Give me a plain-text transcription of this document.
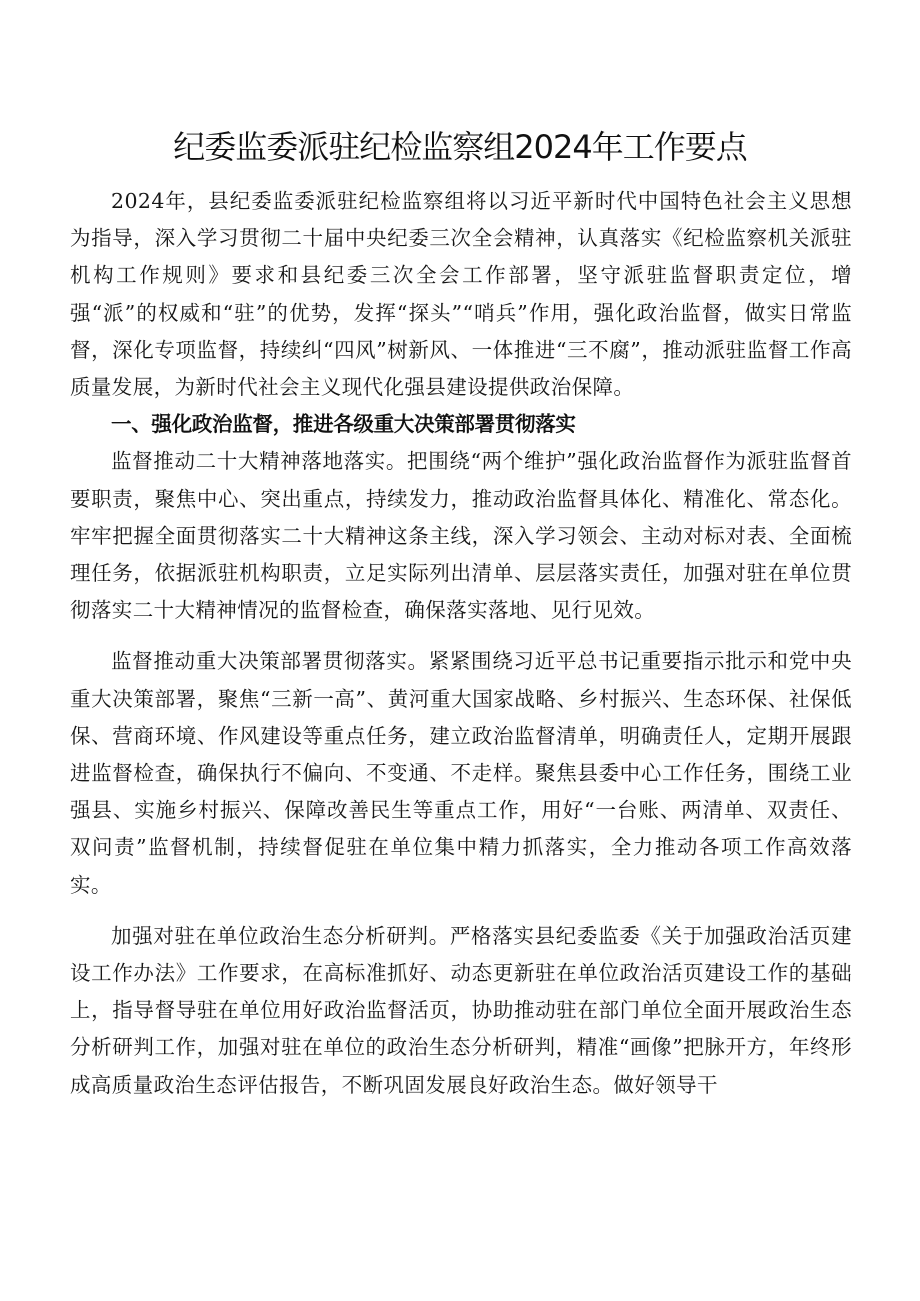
纪委监委派驻纪检监察组2024年工作要点

2024年，县纪委监委派驻纪检监察组将以习近平新时代中国特色社会主义思想为指导，深入学习贯彻二十届中央纪委三次全会精神，认真落实《纪检监察机关派驻机构工作规则》要求和县纪委三次全会工作部署，坚守派驻监督职责定位，增强“派”的权威和“驻”的优势，发挥“探头”“哨兵”作用，强化政治监督，做实日常监督，深化专项监督，持续纠“四风”树新风、一体推进“三不腐”，推动派驻监督工作高质量发展，为新时代社会主义现代化强县建设提供政治保障。

一、强化政治监督，推进各级重大决策部署贯彻落实

监督推动二十大精神落地落实。把围绕“两个维护”强化政治监督作为派驻监督首要职责，聚焦中心、突出重点，持续发力，推动政治监督具体化、精准化、常态化。牢牢把握全面贯彻落实二十大精神这条主线，深入学习领会、主动对标对表、全面梳理任务，依据派驻机构职责，立足实际列出清单、层层落实责任，加强对驻在单位贯彻落实二十大精神情况的监督检查，确保落实落地、见行见效。

监督推动重大决策部署贯彻落实。紧紧围绕习近平总书记重要指示批示和党中央重大决策部署，聚焦“三新一高”、黄河重大国家战略、乡村振兴、生态环保、社保低保、营商环境、作风建设等重点任务，建立政治监督清单，明确责任人，定期开展跟进监督检查，确保执行不偏向、不变通、不走样。聚焦县委中心工作任务，围绕工业强县、实施乡村振兴、保障改善民生等重点工作，用好“一台账、两清单、双责任、双问责”监督机制，持续督促驻在单位集中精力抓落实，全力推动各项工作高效落实。

加强对驻在单位政治生态分析研判。严格落实县纪委监委《关于加强政治活页建设工作办法》工作要求，在高标准抓好、动态更新驻在单位政治活页建设工作的基础上，指导督导驻在单位用好政治监督活页，协助推动驻在部门单位全面开展政治生态分析研判工作，加强对驻在单位的政治生态分析研判，精准“画像”把脉开方，年终形成高质量政治生态评估报告，不断巩固发展良好政治生态。做好领导干
